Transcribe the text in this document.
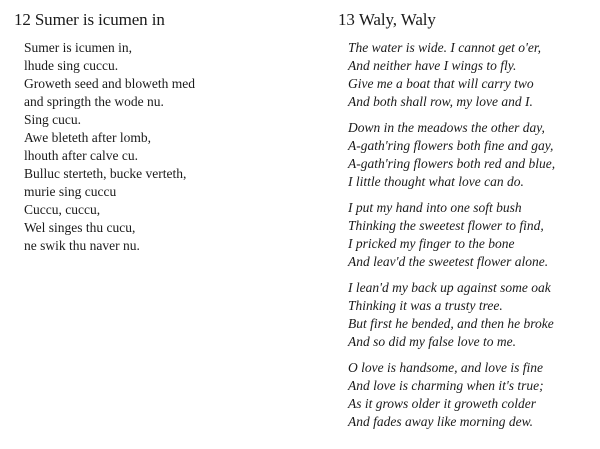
12 Sumer is icumen in
Sumer is icumen in,
lhude sing cuccu.
Groweth seed and bloweth med
and springth the wode nu.
Sing cucu.
Awe bleteth after lomb,
lhouth after calve cu.
Bulluc sterteth, bucke verteth,
murie sing cuccu
Cuccu, cuccu,
Wel singes thu cucu,
ne swik thu naver nu.
13 Waly, Waly
The water is wide. I cannot get o'er,
And neither have I wings to fly.
Give me a boat that will carry two
And both shall row, my love and I.
Down in the meadows the other day,
A-gath'ring flowers both fine and gay,
A-gath'ring flowers both red and blue,
I little thought what love can do.
I put my hand into one soft bush
Thinking the sweetest flower to find,
I pricked my finger to the bone
And leav'd the sweetest flower alone.
I lean'd my back up against some oak
Thinking it was a trusty tree.
But first he bended, and then he broke
And so did my false love to me.
O love is handsome, and love is fine
And love is charming when it's true;
As it grows older it groweth colder
And fades away like morning dew.
